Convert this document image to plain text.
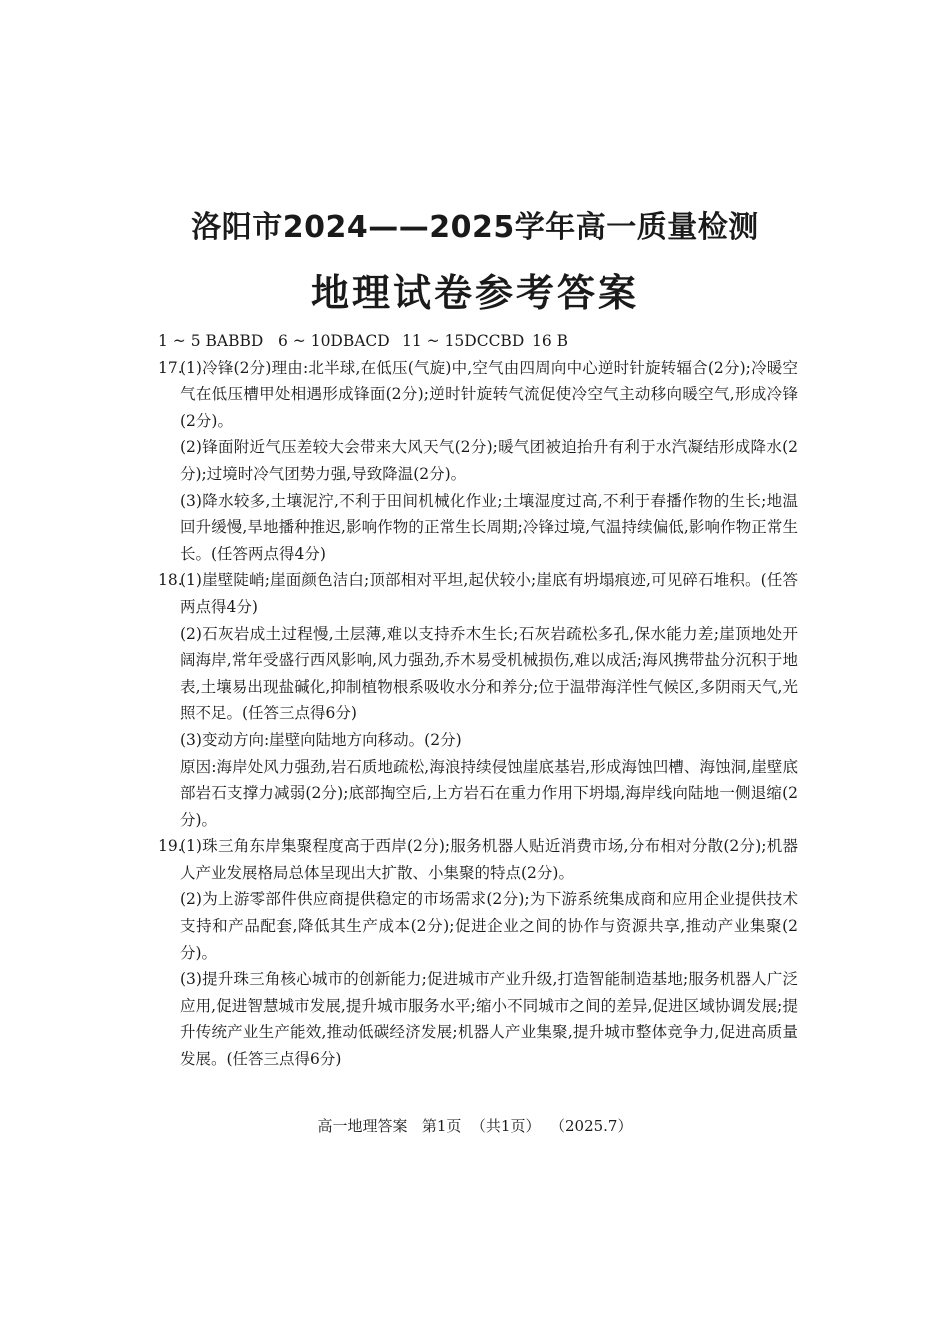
洛阳市2024——2025学年高一质量检测
地理试卷参考答案
1 ~ 5 BABBD 6 ~ 10DBACD 11 ~ 15DCCBD 16 B
17.
(1)冷锋(2分)理由:北半球,在低压(气旋)中,空气由四周向中心逆时针旋转辐合(2分);冷暖空气在低压槽甲处相遇形成锋面(2分);逆时针旋转气流促使冷空气主动移向暖空气,形成冷锋(2分)。
(2)锋面附近气压差较大会带来大风天气(2分);暖气团被迫抬升有利于水汽凝结形成降水(2分);过境时冷气团势力强,导致降温(2分)。
(3)降水较多,土壤泥泞,不利于田间机械化作业;土壤湿度过高,不利于春播作物的生长;地温回升缓慢,旱地播种推迟,影响作物的正常生长周期;冷锋过境,气温持续偏低,影响作物正常生长。(任答两点得4分)
18.
(1)崖壁陡峭;崖面颜色洁白;顶部相对平坦,起伏较小;崖底有坍塌痕迹,可见碎石堆积。(任答两点得4分)
(2)石灰岩成土过程慢,土层薄,难以支持乔木生长;石灰岩疏松多孔,保水能力差;崖顶地处开阔海岸,常年受盛行西风影响,风力强劲,乔木易受机械损伤,难以成活;海风携带盐分沉积于地表,土壤易出现盐碱化,抑制植物根系吸收水分和养分;位于温带海洋性气候区,多阴雨天气,光照不足。(任答三点得6分)
(3)变动方向:崖壁向陆地方向移动。(2分)
原因:海岸处风力强劲,岩石质地疏松,海浪持续侵蚀崖底基岩,形成海蚀凹槽、海蚀洞,崖壁底部岩石支撑力减弱(2分);底部掏空后,上方岩石在重力作用下坍塌,海岸线向陆地一侧退缩(2分)。
19.
(1)珠三角东岸集聚程度高于西岸(2分);服务机器人贴近消费市场,分布相对分散(2分);机器人产业发展格局总体呈现出大扩散、小集聚的特点(2分)。
(2)为上游零部件供应商提供稳定的市场需求(2分);为下游系统集成商和应用企业提供技术支持和产品配套,降低其生产成本(2分);促进企业之间的协作与资源共享,推动产业集聚(2分)。
(3)提升珠三角核心城市的创新能力;促进城市产业升级,打造智能制造基地;服务机器人广泛应用,促进智慧城市发展,提升城市服务水平;缩小不同城市之间的差异,促进区域协调发展;提升传统产业生产能效,推动低碳经济发展;机器人产业集聚,提升城市整体竞争力,促进高质量发展。(任答三点得6分)
高一地理答案   第1页  （共1页）  （2025.7）
